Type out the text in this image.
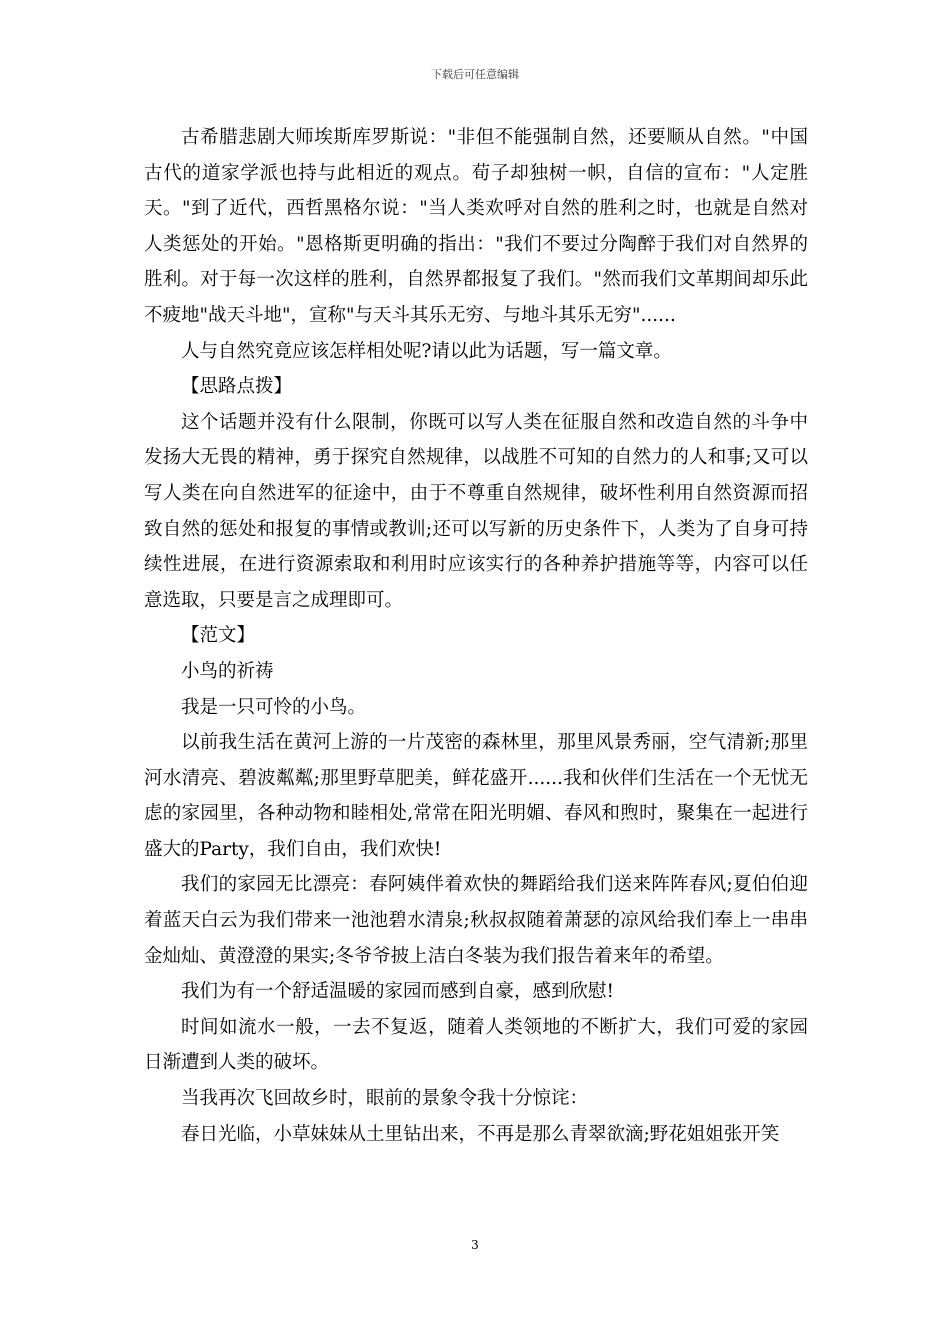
下载后可任意编辑

古希腊悲剧大师埃斯库罗斯说："非但不能强制自然，还要顺从自然。"中国古代的道家学派也持与此相近的观点。荀子却独树一帜，自信的宣布："人定胜天。"到了近代，西哲黑格尔说："当人类欢呼对自然的胜利之时，也就是自然对人类惩处的开始。"恩格斯更明确的指出："我们不要过分陶醉于我们对自然界的胜利。对于每一次这样的胜利，自然界都报复了我们。"然而我们文革期间却乐此不疲地"战天斗地"，宣称"与天斗其乐无穷、与地斗其乐无穷"......

人与自然究竟应该怎样相处呢?请以此为话题，写一篇文章。

【思路点拨】

这个话题并没有什么限制，你既可以写人类在征服自然和改造自然的斗争中发扬大无畏的精神，勇于探究自然规律，以战胜不可知的自然力的人和事;又可以写人类在向自然进军的征途中，由于不尊重自然规律，破坏性利用自然资源而招致自然的惩处和报复的事情或教训;还可以写新的历史条件下，人类为了自身可持续性进展，在进行资源索取和利用时应该实行的各种养护措施等等，内容可以任意选取，只要是言之成理即可。

【范文】

小鸟的祈祷

我是一只可怜的小鸟。

以前我生活在黄河上游的一片茂密的森林里，那里风景秀丽，空气清新;那里河水清亮、碧波粼粼;那里野草肥美，鲜花盛开......我和伙伴们生活在一个无忧无虑的家园里，各种动物和睦相处,常常在阳光明媚、春风和煦时，聚集在一起进行盛大的Party，我们自由，我们欢快!

我们的家园无比漂亮：春阿姨伴着欢快的舞蹈给我们送来阵阵春风;夏伯伯迎着蓝天白云为我们带来一池池碧水清泉;秋叔叔随着萧瑟的凉风给我们奉上一串串金灿灿、黄澄澄的果实;冬爷爷披上洁白冬装为我们报告着来年的希望。

我们为有一个舒适温暖的家园而感到自豪，感到欣慰!

时间如流水一般，一去不复返，随着人类领地的不断扩大，我们可爱的家园日渐遭到人类的破坏。

当我再次飞回故乡时，眼前的景象令我十分惊诧：

春日光临，小草妹妹从土里钻出来，不再是那么青翠欲滴;野花姐姐张开笑

3
